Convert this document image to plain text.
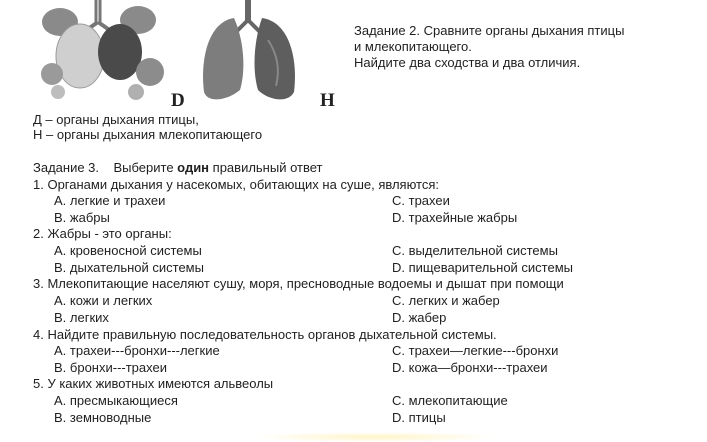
D	H
Задание 2. Сравните органы дыхания птицы
и млекопитающего.
Найдите два сходства и два отличия.
Д – органы дыхания птицы,
Н – органы дыхания млекопитающего
Задание 3. Выберите один правильный ответ
1. Органами дыхания у насекомых, обитающих на суше, являются:
A. легкие и трахеи	C. трахеи
B. жабры	D. трахейные жабры
2. Жабры - это органы:
A. кровеносной системы	C. выделительной системы
B. дыхательной системы	D. пищеварительной системы
3. Млекопитающие населяют сушу, моря, пресноводные водоемы и дышат при помощи
A. кожи и легких	C. легких и жабер
B. легких	D. жабер
4. Найдите правильную последовательность органов дыхательной системы.
A. трахеи---бронхи---легкие	C. трахеи—легкие---бронхи
B. бронхи---трахеи	D. кожа—бронхи---трахеи
5. У каких животных имеются альвеолы
A. пресмыкающиеся	C. млекопитающие
B. земноводные	D. птицы
